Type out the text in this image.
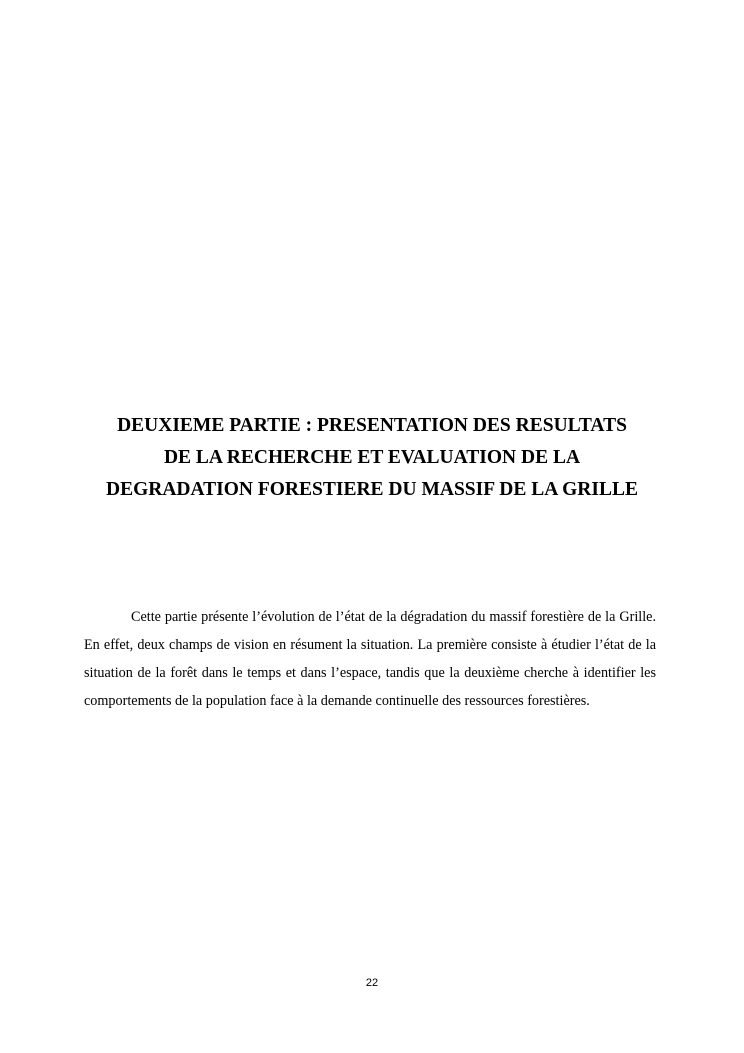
DEUXIEME PARTIE : PRESENTATION DES RESULTATS
DE LA RECHERCHE ET EVALUATION DE LA
DEGRADATION FORESTIERE DU MASSIF DE LA GRILLE

Cette partie présente l’évolution de l’état de la dégradation du massif forestière de la Grille. En effet, deux champs de vision en résument la situation. La première consiste à étudier l’état de la situation de la forêt dans le temps et dans l’espace, tandis que la deuxième cherche à identifier les comportements de la population face à la demande continuelle des ressources forestières.

22
